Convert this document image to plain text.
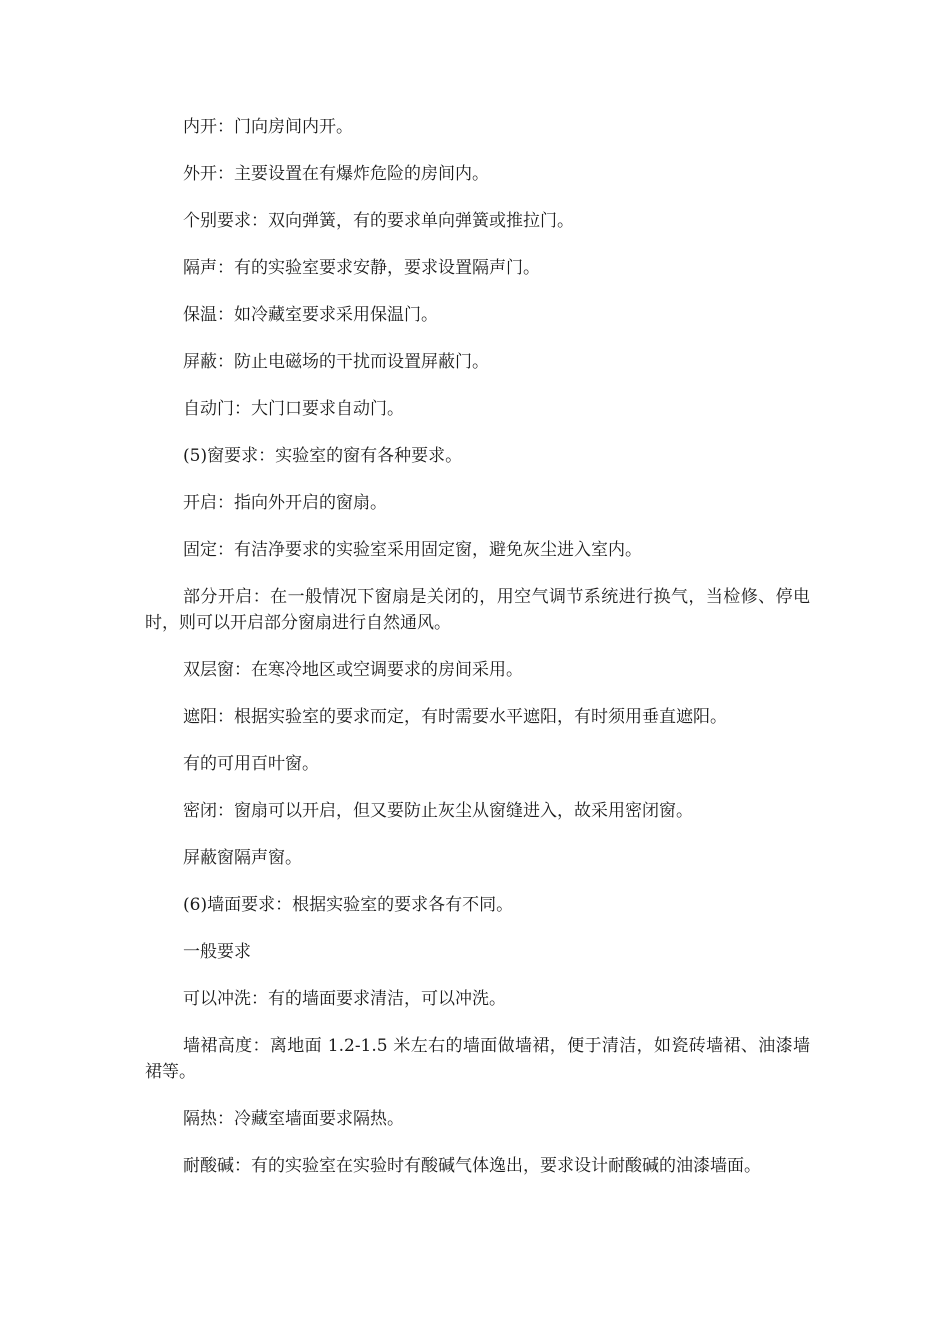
内开：门向房间内开。

外开：主要设置在有爆炸危险的房间内。

个别要求：双向弹簧，有的要求单向弹簧或推拉门。

隔声：有的实验室要求安静，要求设置隔声门。

保温：如冷藏室要求采用保温门。

屏蔽：防止电磁场的干扰而设置屏蔽门。

自动门：大门口要求自动门。

(5)窗要求：实验室的窗有各种要求。

开启：指向外开启的窗扇。

固定：有洁净要求的实验室采用固定窗，避免灰尘进入室内。

部分开启：在一般情况下窗扇是关闭的，用空气调节系统进行换气，当检修、停电时，则可以开启部分窗扇进行自然通风。

双层窗：在寒冷地区或空调要求的房间采用。

遮阳：根据实验室的要求而定，有时需要水平遮阳，有时须用垂直遮阳。

有的可用百叶窗。

密闭：窗扇可以开启，但又要防止灰尘从窗缝进入，故采用密闭窗。

屏蔽窗隔声窗。

(6)墙面要求：根据实验室的要求各有不同。

一般要求

可以冲洗：有的墙面要求清洁，可以冲洗。

墙裙高度：离地面 1.2-1.5 米左右的墙面做墙裙，便于清洁，如瓷砖墙裙、油漆墙裙等。

隔热：冷藏室墙面要求隔热。

耐酸碱：有的实验室在实验时有酸碱气体逸出，要求设计耐酸碱的油漆墙面。
